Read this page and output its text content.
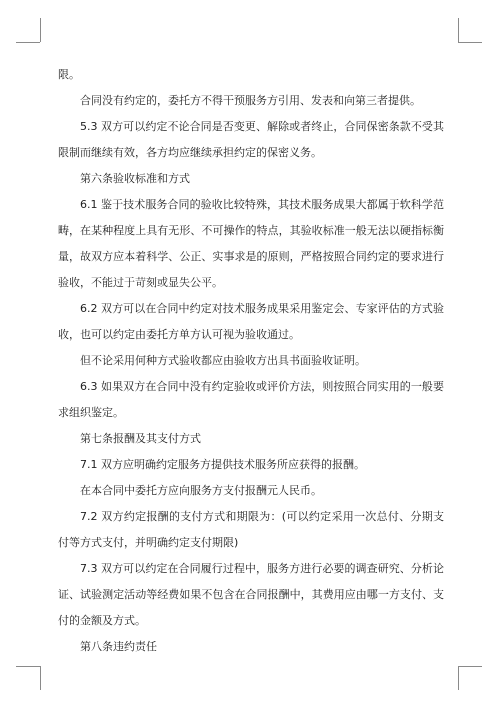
限。
合同没有约定的，委托方不得干预服务方引用、发表和向第三者提供。
5.3 双方可以约定不论合同是否变更、解除或者终止，合同保密条款不受其限制而继续有效，各方均应继续承担约定的保密义务。
第六条验收标准和方式
6.1 鉴于技术服务合同的验收比较特殊，其技术服务成果大都属于软科学范畴，在某种程度上具有无形、不可操作的特点，其验收标准一般无法以硬指标衡量，故双方应本着科学、公正、实事求是的原则，严格按照合同约定的要求进行验收，不能过于苛刻或显失公平。
6.2 双方可以在合同中约定对技术服务成果采用鉴定会、专家评估的方式验收，也可以约定由委托方单方认可视为验收通过。
但不论采用何种方式验收都应由验收方出具书面验收证明。
6.3 如果双方在合同中没有约定验收或评价方法，则按照合同实用的一般要求组织鉴定。
第七条报酬及其支付方式
7.1 双方应明确约定服务方提供技术服务所应获得的报酬。
在本合同中委托方应向服务方支付报酬元人民币。
7.2 双方约定报酬的支付方式和期限为：(可以约定采用一次总付、分期支付等方式支付，并明确约定支付期限)
7.3 双方可以约定在合同履行过程中，服务方进行必要的调查研究、分析论证、试验测定活动等经费如果不包含在合同报酬中，其费用应由哪一方支付、支付的金额及方式。
第八条违约责任
